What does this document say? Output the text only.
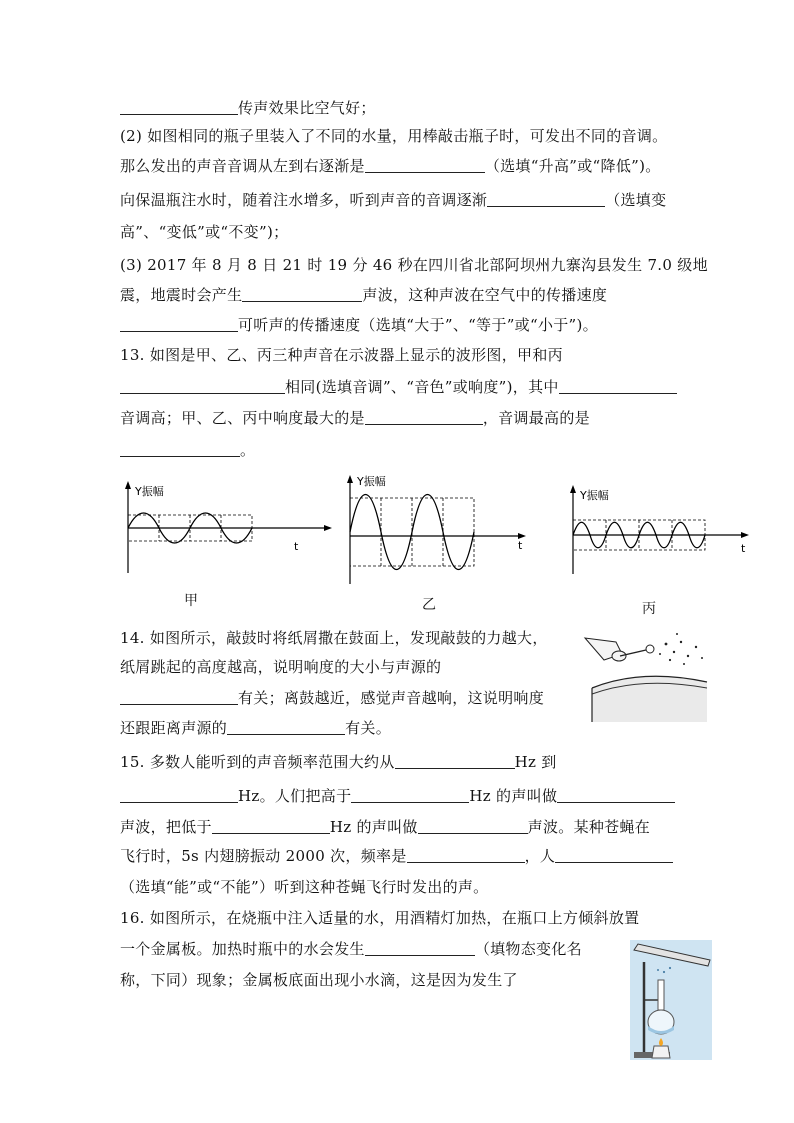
传声效果比空气好；
(2) 如图相同的瓶子里装入了不同的水量，用棒敲击瓶子时，可发出不同的音调。
那么发出的声音音调从左到右逐渐是	（选填“升高”或“降低”)。
向保温瓶注水时，随着注水增多，听到声音的音调逐渐	（选填变
高”、“变低”或“不变”)；
(3) 2017 年 8 月 8 日 21 时 19 分 46 秒在四川省北部阿坝州九寨沟县发生 7.0 级地
震，地震时会产生	声波，这种声波在空气中的传播速度
可听声的传播速度（选填“大于”、“等于”或“小于”)。
13. 如图是甲、乙、丙三种声音在示波器上显示的波形图，甲和丙
相同(选填音调”、“音色”或响度”)，其中
音调高；甲、乙、丙中响度最大的是	，音调最高的是
。
Y振幅
t
Y振幅
t
Y振幅
t
甲	乙	丙
14. 如图所示，敲鼓时将纸屑撒在鼓面上，发现敲鼓的力越大，
纸屑跳起的高度越高，说明响度的大小与声源的
有关；离鼓越近，感觉声音越响，这说明响度
还跟距离声源的	有关。
15. 多数人能听到的声音频率范围大约从	Hz 到
Hz。人们把高于	Hz 的声叫做
声波，把低于	Hz 的声叫做	声波。某种苍蝇在
飞行时，5s 内翅膀振动 2000 次，频率是	，人
（选填“能”或“不能”）听到这种苍蝇飞行时发出的声。
16. 如图所示，在烧瓶中注入适量的水，用酒精灯加热，在瓶口上方倾斜放置
一个金属板。加热时瓶中的水会发生	（填物态变化名
称，下同）现象；金属板底面出现小水滴，这是因为发生了
